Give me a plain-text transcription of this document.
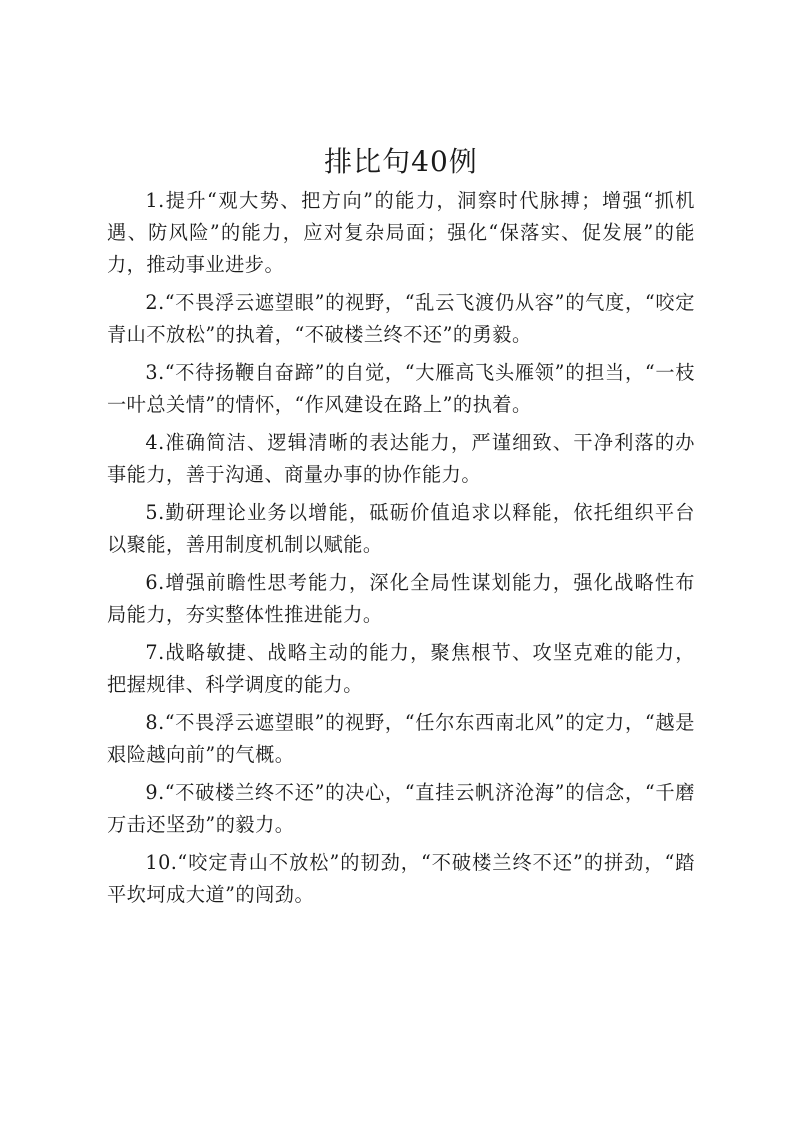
排比句40例

1.提升“观大势、把方向”的能力，洞察时代脉搏；增强“抓机遇、防风险”的能力，应对复杂局面；强化“保落实、促发展”的能力，推动事业进步。

2.“不畏浮云遮望眼”的视野，“乱云飞渡仍从容”的气度，“咬定青山不放松”的执着，“不破楼兰终不还”的勇毅。

3.“不待扬鞭自奋蹄”的自觉，“大雁高飞头雁领”的担当，“一枝一叶总关情”的情怀，“作风建设在路上”的执着。

4.准确简洁、逻辑清晰的表达能力，严谨细致、干净利落的办事能力，善于沟通、商量办事的协作能力。

5.勤研理论业务以增能，砥砺价值追求以释能，依托组织平台以聚能，善用制度机制以赋能。

6.增强前瞻性思考能力，深化全局性谋划能力，强化战略性布局能力，夯实整体性推进能力。

7.战略敏捷、战略主动的能力，聚焦根节、攻坚克难的能力，把握规律、科学调度的能力。

8.“不畏浮云遮望眼”的视野，“任尔东西南北风”的定力，“越是艰险越向前”的气概。

9.“不破楼兰终不还”的决心，“直挂云帆济沧海”的信念，“千磨万击还坚劲”的毅力。

10.“咬定青山不放松”的韧劲，“不破楼兰终不还”的拼劲，“踏平坎坷成大道”的闯劲。
